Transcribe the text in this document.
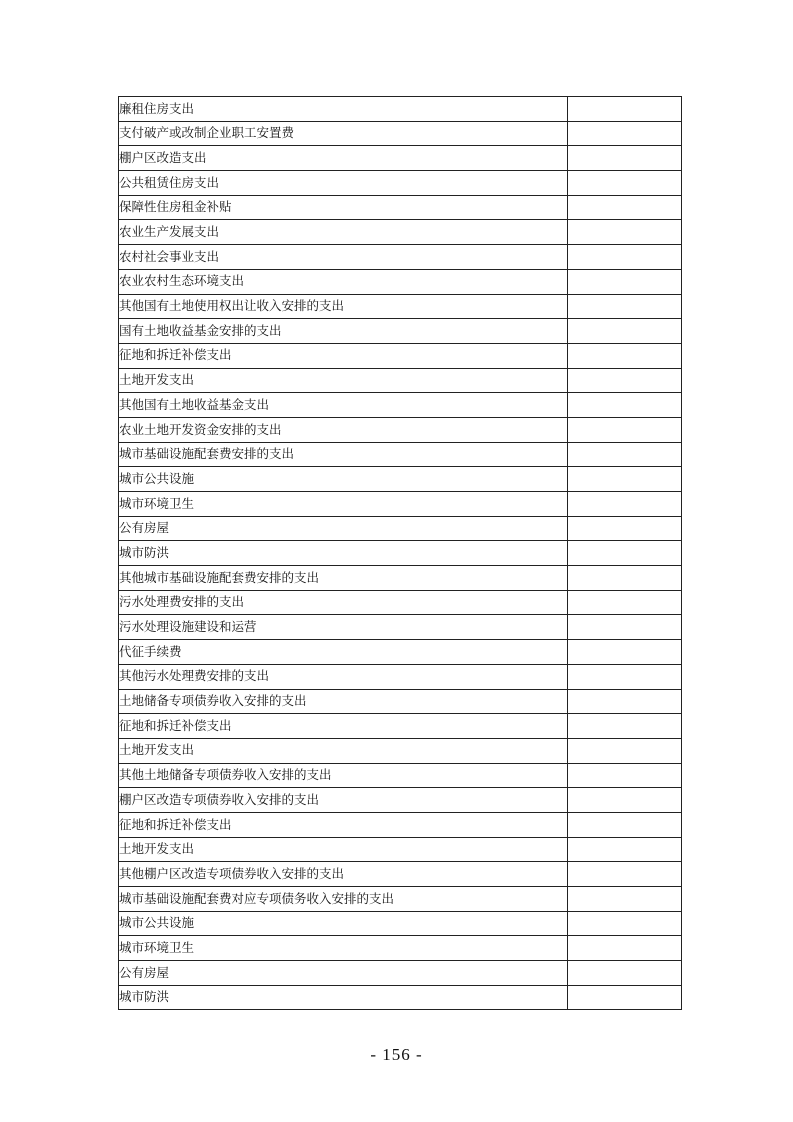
廉租住房支出	
支付破产或改制企业职工安置费	
棚户区改造支出	
公共租赁住房支出	
保障性住房租金补贴	
农业生产发展支出	
农村社会事业支出	
农业农村生态环境支出	
其他国有土地使用权出让收入安排的支出	
国有土地收益基金安排的支出	
征地和拆迁补偿支出	
土地开发支出	
其他国有土地收益基金支出	
农业土地开发资金安排的支出	
城市基础设施配套费安排的支出	
城市公共设施	
城市环境卫生	
公有房屋	
城市防洪	
其他城市基础设施配套费安排的支出	
污水处理费安排的支出	
污水处理设施建设和运营	
代征手续费	
其他污水处理费安排的支出	
土地储备专项债券收入安排的支出	
征地和拆迁补偿支出	
土地开发支出	
其他土地储备专项债券收入安排的支出	
棚户区改造专项债券收入安排的支出	
征地和拆迁补偿支出	
土地开发支出	
其他棚户区改造专项债券收入安排的支出	
城市基础设施配套费对应专项债务收入安排的支出	
城市公共设施	
城市环境卫生	
公有房屋	
城市防洪	
- 156 -
